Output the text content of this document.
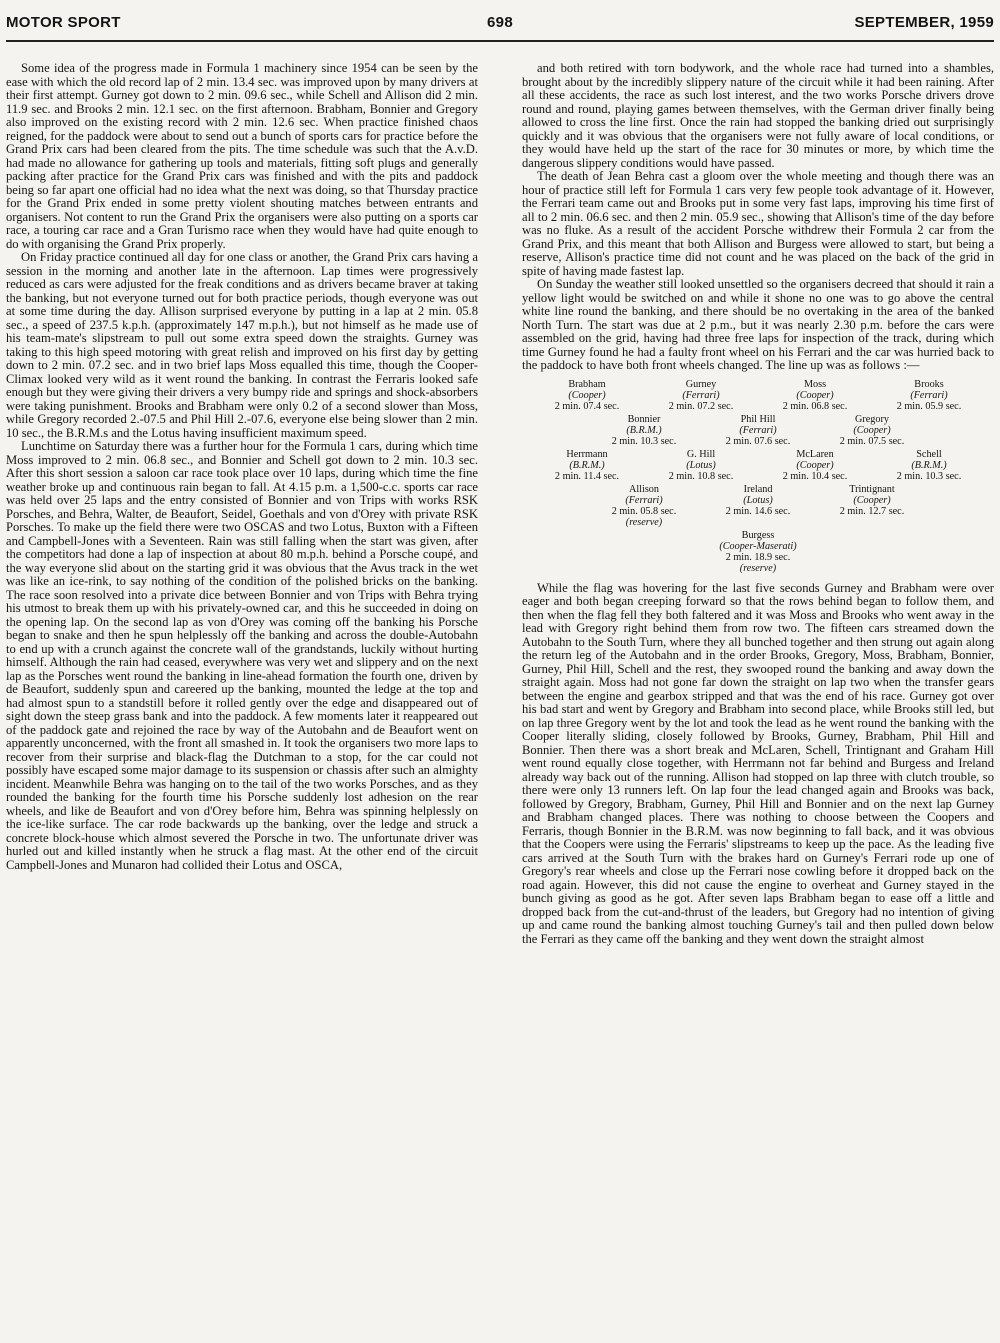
MOTOR SPORT	698	SEPTEMBER, 1959

Some idea of the progress made in Formula 1 machinery since 1954 can be seen by the ease with which the old record lap of 2 min. 13.4 sec. was improved upon by many drivers at their first attempt. Gurney got down to 2 min. 09.6 sec., while Schell and Allison did 2 min. 11.9 sec. and Brooks 2 min. 12.1 sec. on the first afternoon. Brabham, Bonnier and Gregory also improved on the existing record with 2 min. 12.6 sec. When practice finished chaos reigned, for the paddock were about to send out a bunch of sports cars for practice before the Grand Prix cars had been cleared from the pits. The time schedule was such that the A.v.D. had made no allowance for gathering up tools and materials, fitting soft plugs and generally packing after practice for the Grand Prix cars was finished and with the pits and paddock being so far apart one official had no idea what the next was doing, so that Thursday practice for the Grand Prix ended in some pretty violent shouting matches between entrants and organisers. Not content to run the Grand Prix the organisers were also putting on a sports car race, a touring car race and a Gran Turismo race when they would have had quite enough to do with organising the Grand Prix properly.

On Friday practice continued all day for one class or another, the Grand Prix cars having a session in the morning and another late in the afternoon. Lap times were progressively reduced as cars were adjusted for the freak conditions and as drivers became braver at taking the banking, but not everyone turned out for both practice periods, though everyone was out at some time during the day. Allison surprised everyone by putting in a lap at 2 min. 05.8 sec., a speed of 237.5 k.p.h. (approximately 147 m.p.h.), but not himself as he made use of his team-mate's slipstream to pull out some extra speed down the straights. Gurney was taking to this high speed motoring with great relish and improved on his first day by getting down to 2 min. 07.2 sec. and in two brief laps Moss equalled this time, though the Cooper-Climax looked very wild as it went round the banking. In contrast the Ferraris looked safe enough but they were giving their drivers a very bumpy ride and springs and shock-absorbers were taking punishment. Brooks and Brabham were only 0.2 of a second slower than Moss, while Gregory recorded 2.-07.5 and Phil Hill 2.-07.6, everyone else being slower than 2 min. 10 sec., the B.R.M.s and the Lotus having insufficient maximum speed.

Lunchtime on Saturday there was a further hour for the Formula 1 cars, during which time Moss improved to 2 min. 06.8 sec., and Bonnier and Schell got down to 2 min. 10.3 sec. After this short session a saloon car race took place over 10 laps, during which time the fine weather broke up and continuous rain began to fall. At 4.15 p.m. a 1,500-c.c. sports car race was held over 25 laps and the entry consisted of Bonnier and von Trips with works RSK Porsches, and Behra, Walter, de Beaufort, Seidel, Goethals and von d'Orey with private RSK Porsches. To make up the field there were two OSCAS and two Lotus, Buxton with a Fifteen and Campbell-Jones with a Seventeen. Rain was still falling when the start was given, after the competitors had done a lap of inspection at about 80 m.p.h. behind a Porsche coupé, and the way everyone slid about on the starting grid it was obvious that the Avus track in the wet was like an ice-rink, to say nothing of the condition of the polished bricks on the banking. The race soon resolved into a private dice between Bonnier and von Trips with Behra trying his utmost to break them up with his privately-owned car, and this he succeeded in doing on the opening lap. On the second lap as von d'Orey was coming off the banking his Porsche began to snake and then he spun helplessly off the banking and across the double-Autobahn to end up with a crunch against the concrete wall of the grandstands, luckily without hurting himself. Although the rain had ceased, everywhere was very wet and slippery and on the next lap as the Porsches went round the banking in line-ahead formation the fourth one, driven by de Beaufort, suddenly spun and careered up the banking, mounted the ledge at the top and had almost spun to a standstill before it rolled gently over the edge and disappeared out of sight down the steep grass bank and into the paddock. A few moments later it reappeared out of the paddock gate and rejoined the race by way of the Autobahn and de Beaufort went on apparently unconcerned, with the front all smashed in. It took the organisers two more laps to recover from their surprise and black-flag the Dutchman to a stop, for the car could not possibly have escaped some major damage to its suspension or chassis after such an almighty incident. Meanwhile Behra was hanging on to the tail of the two works Porsches, and as they rounded the banking for the fourth time his Porsche suddenly lost adhesion on the rear wheels, and like de Beaufort and von d'Orey before him, Behra was spinning helplessly on the ice-like surface. The car rode backwards up the banking, over the ledge and struck a concrete block-house which almost severed the Porsche in two. The unfortunate driver was hurled out and killed instantly when he struck a flag mast. At the other end of the circuit Campbell-Jones and Munaron had collided their Lotus and OSCA,

and both retired with torn bodywork, and the whole race had turned into a shambles, brought about by the incredibly slippery nature of the circuit while it had been raining. After all these accidents, the race as such lost interest, and the two works Porsche drivers drove round and round, playing games between themselves, with the German driver finally being allowed to cross the line first. Once the rain had stopped the banking dried out surprisingly quickly and it was obvious that the organisers were not fully aware of local conditions, or they would have held up the start of the race for 30 minutes or more, by which time the dangerous slippery conditions would have passed.

The death of Jean Behra cast a gloom over the whole meeting and though there was an hour of practice still left for Formula 1 cars very few people took advantage of it. However, the Ferrari team came out and Brooks put in some very fast laps, improving his time first of all to 2 min. 06.6 sec. and then 2 min. 05.9 sec., showing that Allison's time of the day before was no fluke. As a result of the accident Porsche withdrew their Formula 2 car from the Grand Prix, and this meant that both Allison and Burgess were allowed to start, but being a reserve, Allison's practice time did not count and he was placed on the back of the grid in spite of having made fastest lap.

On Sunday the weather still looked unsettled so the organisers decreed that should it rain a yellow light would be switched on and while it shone no one was to go above the central white line round the banking, and there should be no overtaking in the area of the banked North Turn. The start was due at 2 p.m., but it was nearly 2.30 p.m. before the cars were assembled on the grid, having had three free laps for inspection of the track, during which time Gurney found he had a faulty front wheel on his Ferrari and the car was hurried back to the paddock to have both front wheels changed. The line up was as follows :—

Brabham
(Cooper)
2 min. 07.4 sec.
Gurney
(Ferrari)
2 min. 07.2 sec.
Moss
(Cooper)
2 min. 06.8 sec.
Brooks
(Ferrari)
2 min. 05.9 sec.
Bonnier
(B.R.M.)
2 min. 10.3 sec.
Phil Hill
(Ferrari)
2 min. 07.6 sec.
Gregory
(Cooper)
2 min. 07.5 sec.
Herrmann
(B.R.M.)
2 min. 11.4 sec.
G. Hill
(Lotus)
2 min. 10.8 sec.
McLaren
(Cooper)
2 min. 10.4 sec.
Schell
(B.R.M.)
2 min. 10.3 sec.
Allison
(Ferrari)
2 min. 05.8 sec.
(reserve)
Ireland
(Lotus)
2 min. 14.6 sec.
Trintignant
(Cooper)
2 min. 12.7 sec.
Burgess
(Cooper-Maserati)
2 min. 18.9 sec.
(reserve)

While the flag was hovering for the last five seconds Gurney and Brabham were over eager and both began creeping forward so that the rows behind began to follow them, and then when the flag fell they both faltered and it was Moss and Brooks who went away in the lead with Gregory right behind them from row two. The fifteen cars streamed down the Autobahn to the South Turn, where they all bunched together and then strung out again along the return leg of the Autobahn and in the order Brooks, Gregory, Moss, Brabham, Bonnier, Gurney, Phil Hill, Schell and the rest, they swooped round the banking and away down the straight again. Moss had not gone far down the straight on lap two when the transfer gears between the engine and gearbox stripped and that was the end of his race. Gurney got over his bad start and went by Gregory and Brabham into second place, while Brooks still led, but on lap three Gregory went by the lot and took the lead as he went round the banking with the Cooper literally sliding, closely followed by Brooks, Gurney, Brabham, Phil Hill and Bonnier. Then there was a short break and McLaren, Schell, Trintignant and Graham Hill went round equally close together, with Herrmann not far behind and Burgess and Ireland already way back out of the running. Allison had stopped on lap three with clutch trouble, so there were only 13 runners left. On lap four the lead changed again and Brooks was back, followed by Gregory, Brabham, Gurney, Phil Hill and Bonnier and on the next lap Gurney and Brabham changed places. There was nothing to choose between the Coopers and Ferraris, though Bonnier in the B.R.M. was now beginning to fall back, and it was obvious that the Coopers were using the Ferraris' slipstreams to keep up the pace. As the leading five cars arrived at the South Turn with the brakes hard on Gurney's Ferrari rode up one of Gregory's rear wheels and close up the Ferrari nose cowling before it dropped back on the road again. However, this did not cause the engine to overheat and Gurney stayed in the bunch giving as good as he got. After seven laps Brabham began to ease off a little and dropped back from the cut-and-thrust of the leaders, but Gregory had no intention of giving up and came round the banking almost touching Gurney's tail and then pulled down below the Ferrari as they came off the banking and they went down the straight almost
